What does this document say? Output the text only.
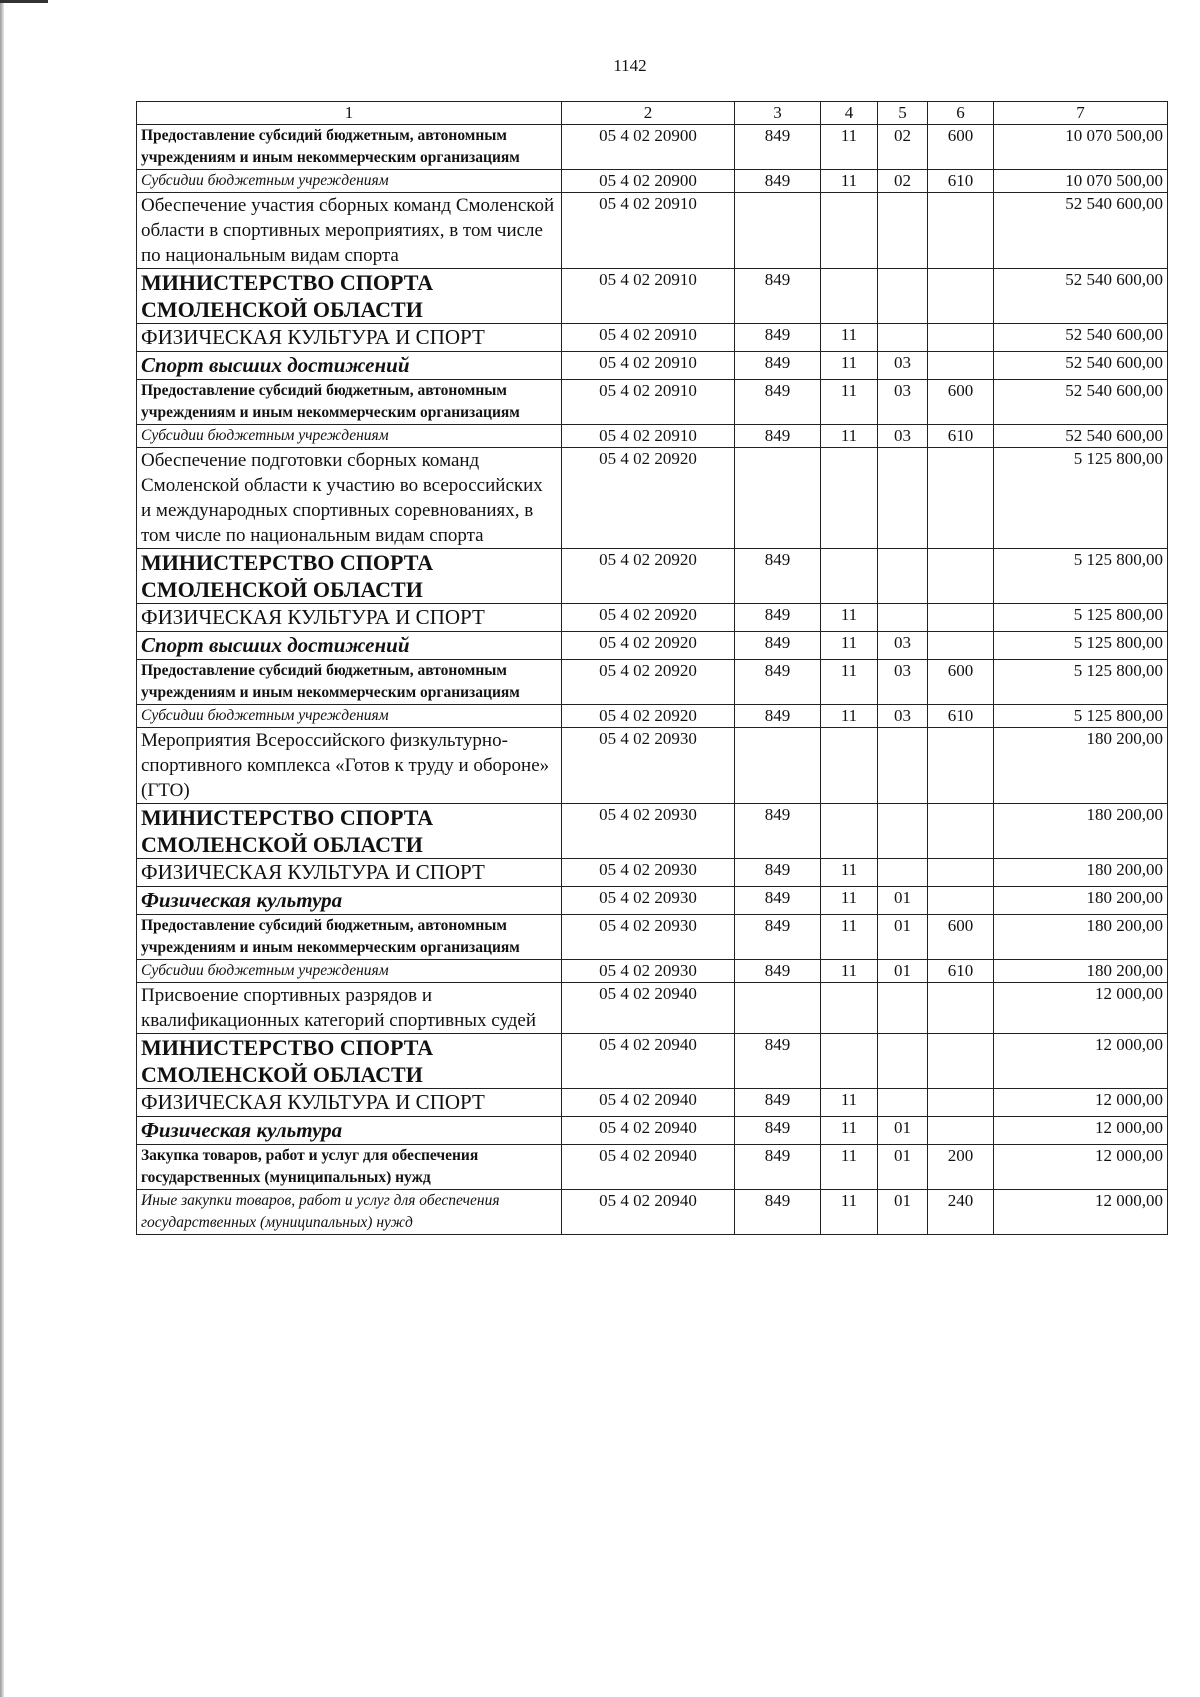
1142
1	2	3	4	5	6	7
Предоставление субсидий бюджетным, автономным учреждениям и иным некоммерческим организациям	05 4 02 20900	849	11	02	600	10 070 500,00
Субсидии бюджетным учреждениям	05 4 02 20900	849	11	02	610	10 070 500,00
Обеспечение участия сборных команд Смоленской области в спортивных мероприятиях, в том числе по национальным видам спорта	05 4 02 20910					52 540 600,00
МИНИСТЕРСТВО СПОРТА СМОЛЕНСКОЙ ОБЛАСТИ	05 4 02 20910	849				52 540 600,00
ФИЗИЧЕСКАЯ КУЛЬТУРА И СПОРТ	05 4 02 20910	849	11			52 540 600,00
Спорт высших достижений	05 4 02 20910	849	11	03		52 540 600,00
Предоставление субсидий бюджетным, автономным учреждениям и иным некоммерческим организациям	05 4 02 20910	849	11	03	600	52 540 600,00
Субсидии бюджетным учреждениям	05 4 02 20910	849	11	03	610	52 540 600,00
Обеспечение подготовки сборных команд Смоленской области к участию во всероссийских и международных спортивных соревнованиях, в том числе по национальным видам спорта	05 4 02 20920					5 125 800,00
МИНИСТЕРСТВО СПОРТА СМОЛЕНСКОЙ ОБЛАСТИ	05 4 02 20920	849				5 125 800,00
ФИЗИЧЕСКАЯ КУЛЬТУРА И СПОРТ	05 4 02 20920	849	11			5 125 800,00
Спорт высших достижений	05 4 02 20920	849	11	03		5 125 800,00
Предоставление субсидий бюджетным, автономным учреждениям и иным некоммерческим организациям	05 4 02 20920	849	11	03	600	5 125 800,00
Субсидии бюджетным учреждениям	05 4 02 20920	849	11	03	610	5 125 800,00
Мероприятия Всероссийского физкультурно-спортивного комплекса «Готов к труду и обороне» (ГТО)	05 4 02 20930					180 200,00
МИНИСТЕРСТВО СПОРТА СМОЛЕНСКОЙ ОБЛАСТИ	05 4 02 20930	849				180 200,00
ФИЗИЧЕСКАЯ КУЛЬТУРА И СПОРТ	05 4 02 20930	849	11			180 200,00
Физическая культура	05 4 02 20930	849	11	01		180 200,00
Предоставление субсидий бюджетным, автономным учреждениям и иным некоммерческим организациям	05 4 02 20930	849	11	01	600	180 200,00
Субсидии бюджетным учреждениям	05 4 02 20930	849	11	01	610	180 200,00
Присвоение спортивных разрядов и квалификационных категорий спортивных судей	05 4 02 20940					12 000,00
МИНИСТЕРСТВО СПОРТА СМОЛЕНСКОЙ ОБЛАСТИ	05 4 02 20940	849				12 000,00
ФИЗИЧЕСКАЯ КУЛЬТУРА И СПОРТ	05 4 02 20940	849	11			12 000,00
Физическая культура	05 4 02 20940	849	11	01		12 000,00
Закупка товаров, работ и услуг для обеспечения государственных (муниципальных) нужд	05 4 02 20940	849	11	01	200	12 000,00
Иные закупки товаров, работ и услуг для обеспечения государственных (муниципальных) нужд	05 4 02 20940	849	11	01	240	12 000,00
